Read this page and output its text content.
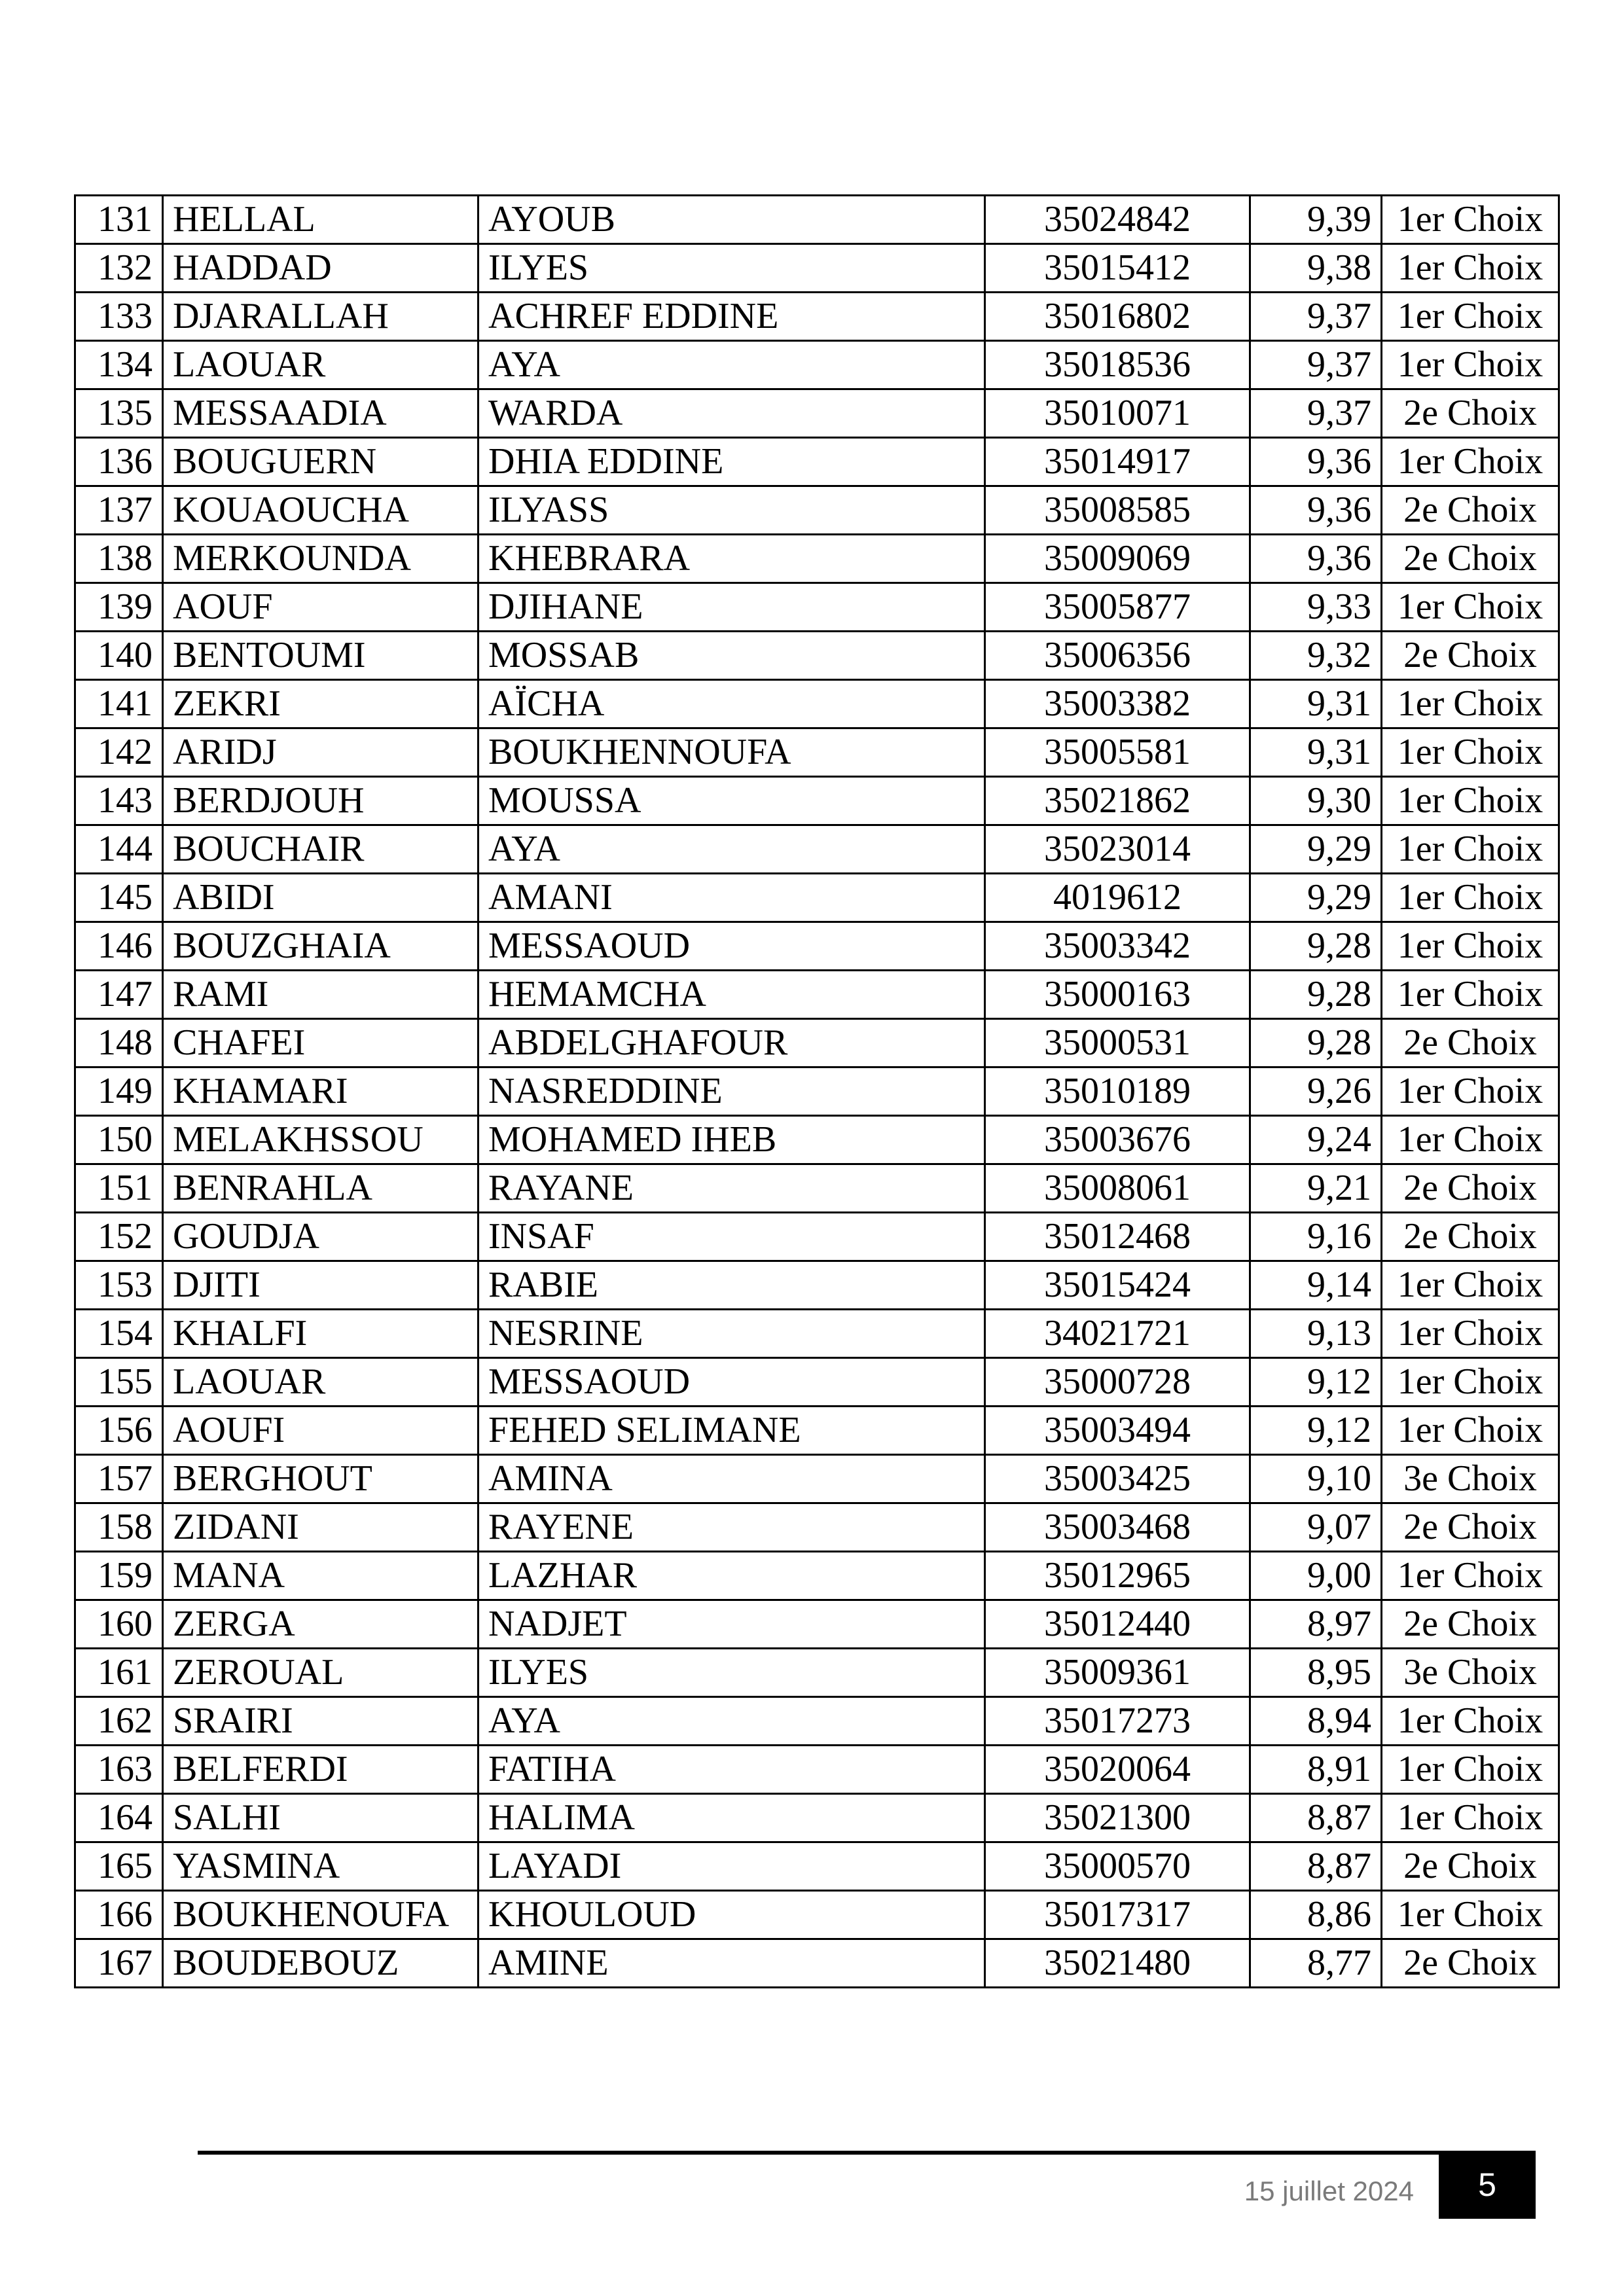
131	HELLAL	AYOUB	35024842	9,39	1er Choix
132	HADDAD	ILYES	35015412	9,38	1er Choix
133	DJARALLAH	ACHREF EDDINE	35016802	9,37	1er Choix
134	LAOUAR	AYA	35018536	9,37	1er Choix
135	MESSAADIA	WARDA	35010071	9,37	2e Choix
136	BOUGUERN	DHIA EDDINE	35014917	9,36	1er Choix
137	KOUAOUCHA	ILYASS	35008585	9,36	2e Choix
138	MERKOUNDA	KHEBRARA	35009069	9,36	2e Choix
139	AOUF	DJIHANE	35005877	9,33	1er Choix
140	BENTOUMI	MOSSAB	35006356	9,32	2e Choix
141	ZEKRI	AÏCHA	35003382	9,31	1er Choix
142	ARIDJ	BOUKHENNOUFA	35005581	9,31	1er Choix
143	BERDJOUH	MOUSSA	35021862	9,30	1er Choix
144	BOUCHAIR	AYA	35023014	9,29	1er Choix
145	ABIDI	AMANI	4019612	9,29	1er Choix
146	BOUZGHAIA	MESSAOUD	35003342	9,28	1er Choix
147	RAMI	HEMAMCHA	35000163	9,28	1er Choix
148	CHAFEI	ABDELGHAFOUR	35000531	9,28	2e Choix
149	KHAMARI	NASREDDINE	35010189	9,26	1er Choix
150	MELAKHSSOU	MOHAMED IHEB	35003676	9,24	1er Choix
151	BENRAHLA	RAYANE	35008061	9,21	2e Choix
152	GOUDJA	INSAF	35012468	9,16	2e Choix
153	DJITI	RABIE	35015424	9,14	1er Choix
154	KHALFI	NESRINE	34021721	9,13	1er Choix
155	LAOUAR	MESSAOUD	35000728	9,12	1er Choix
156	AOUFI	FEHED SELIMANE	35003494	9,12	1er Choix
157	BERGHOUT	AMINA	35003425	9,10	3e Choix
158	ZIDANI	RAYENE	35003468	9,07	2e Choix
159	MANA	LAZHAR	35012965	9,00	1er Choix
160	ZERGA	NADJET	35012440	8,97	2e Choix
161	ZEROUAL	ILYES	35009361	8,95	3e Choix
162	SRAIRI	AYA	35017273	8,94	1er Choix
163	BELFERDI	FATIHA	35020064	8,91	1er Choix
164	SALHI	HALIMA	35021300	8,87	1er Choix
165	YASMINA	LAYADI	35000570	8,87	2e Choix
166	BOUKHENOUFA	KHOULOUD	35017317	8,86	1er Choix
167	BOUDEBOUZ	AMINE	35021480	8,77	2e Choix
15 juillet 2024	5
